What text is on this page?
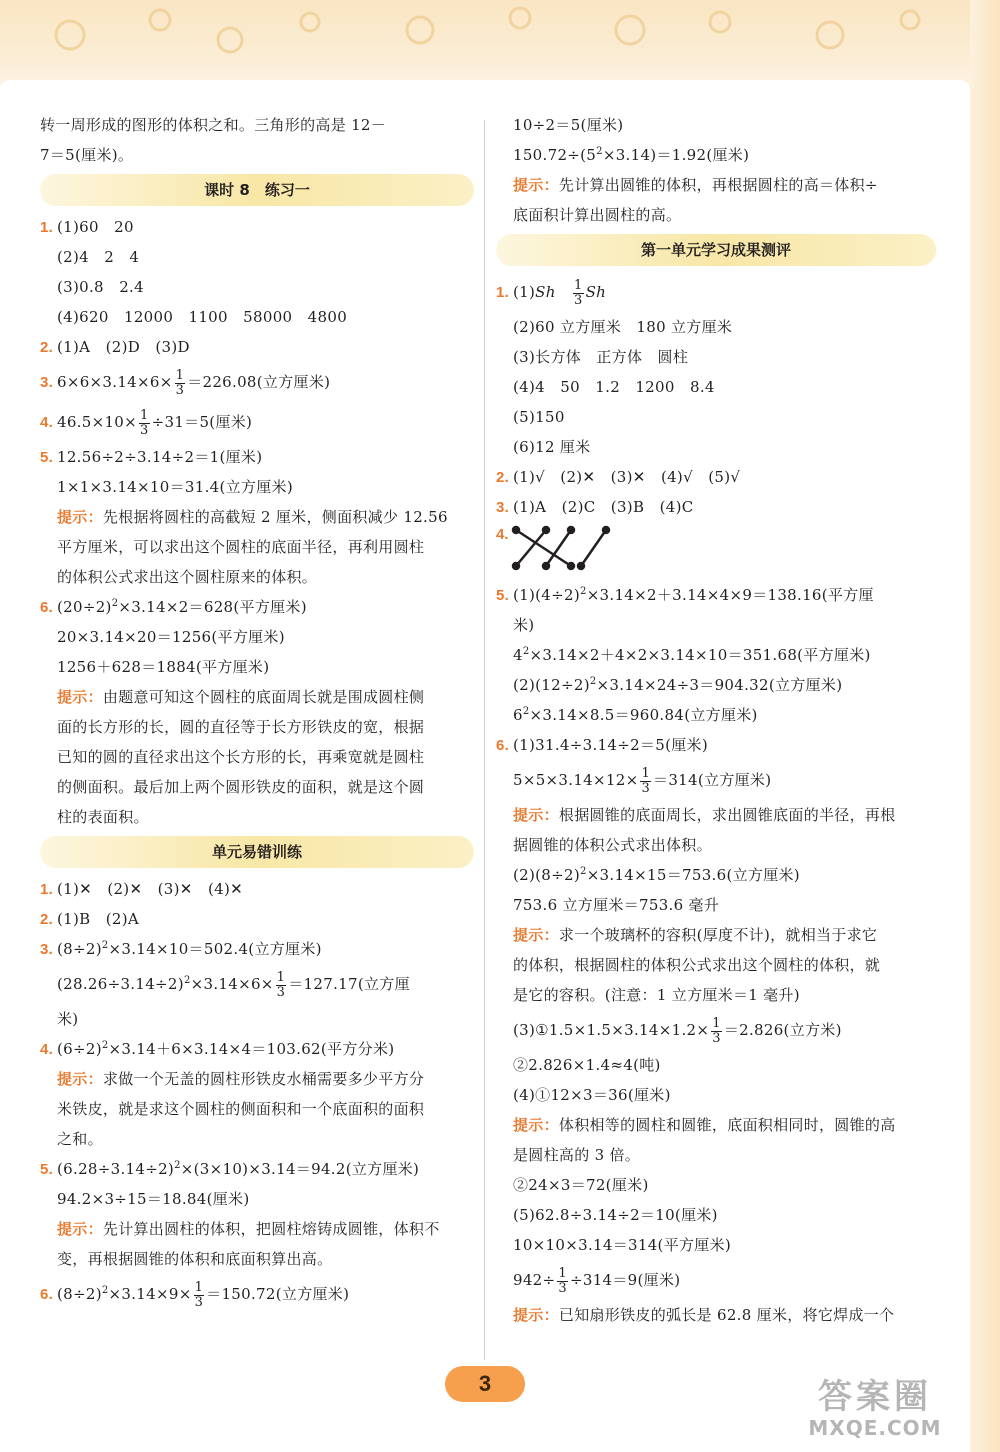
转一周形成的图形的体积之和。三角形的高是 12－
7＝5(厘米)。
课时 8　练习一
1. (1)60　20
(2)4　2　4
(3)0.8　2.4
(4)620　12000　1100　58000　4800
2. (1)A　(2)D　(3)D
3. $6\times 6\times 3.14\times 6\times \frac{1}{3} =226.08$(立方厘米)
4. $46.5\times 10\times \frac{1}{3} \div 31=5$(厘米)
5. 12.56÷2÷3.14÷2＝1(厘米)
1×1×3.14×10＝31.4(立方厘米)
提示：先根据将圆柱的高截短 2 厘米，侧面积减少 12.56
平方厘米，可以求出这个圆柱的底面半径，再利用圆柱
的体积公式求出这个圆柱原来的体积。
6. $(20\div 2)^2\times 3.14\times 2=628$(平方厘米)
20×3.14×20＝1256(平方厘米)
1256＋628＝1884(平方厘米)
提示：由题意可知这个圆柱的底面周长就是围成圆柱侧
面的长方形的长，圆的直径等于长方形铁皮的宽，根据
已知的圆的直径求出这个长方形的长，再乘宽就是圆柱
的侧面积。最后加上两个圆形铁皮的面积，就是这个圆
柱的表面积。
单元易错训练
1. (1)✕　(2)✕　(3)✕　(4)✕
2. (1)B　(2)A
3. $(8\div 2)^2\times 3.14\times 10=502.4$(立方厘米)
$(28.26\div 3.14\div 2)^2\times 3.14\times 6\times \frac{1}{3} =127.17$(立方厘
米)
4. $(6\div 2)^2\times 3.14+6\times 3.14\times 4=103.62$(平方分米)
提示：求做一个无盖的圆柱形铁皮水桶需要多少平方分
米铁皮，就是求这个圆柱的侧面积和一个底面积的面积
之和。
5. $(6.28\div 3.14\div 2)^2\times(3\times 10)\times 3.14=94.2$(立方厘米)
94.2×3÷15＝18.84(厘米)
提示：先计算出圆柱的体积，把圆柱熔铸成圆锥，体积不
变，再根据圆锥的体积和底面积算出高。
6. $(8\div 2)^2\times 3.14\times 9\times \frac{1}{3} =150.72$(立方厘米)
10÷2＝5(厘米)
$150.72\div(5^2\times 3.14)=1.92$(厘米)
提示：先计算出圆锥的体积，再根据圆柱的高＝体积÷
底面积计算出圆柱的高。
第一单元学习成果测评
1. (1)Sh　 $\frac{1}{3}$ Sh
(2)60 立方厘米　180 立方厘米
(3)长方体　正方体　圆柱
(4)4　50　1.2　1200　8.4
(5)150
(6)12 厘米
2. (1)√　(2)✕　(3)✕　(4)√　(5)√
3. (1)A　(2)C　(3)B　(4)C
4.
5. $(1)(4\div 2)^2\times 3.14\times 2+3.14\times 4\times 9=138.16$(平方厘
米)
$4^2\times 3.14\times 2+4\times 2\times 3.14\times 10=351.68$(平方厘米)
$(2)(12\div 2)^2\times 3.14\times 24\div 3=904.32$(立方厘米)
$6^2\times 3.14\times 8.5=960.84$(立方厘米)
6. (1)31.4÷3.14÷2＝5(厘米)
$5\times 5\times 3.14\times 12\times \frac{1}{3} =314$(立方厘米)
提示：根据圆锥的底面周长，求出圆锥底面的半径，再根
据圆锥的体积公式求出体积。
$(2)(8\div 2)^2\times 3.14\times 15=753.6$(立方厘米)
753.6 立方厘米＝753.6 毫升
提示：求一个玻璃杯的容积(厚度不计)，就相当于求它
的体积，根据圆柱的体积公式求出这个圆柱的体积，就
是它的容积。(注意：1 立方厘米＝1 毫升)
(3)①1.5×1.5×3.14×1.2× $\frac{1}{3} =2.826$(立方米)
②2.826×1.4≈4(吨)
(4)①12×3＝36(厘米)
提示：体积相等的圆柱和圆锥，底面积相同时，圆锥的高
是圆柱高的 3 倍。
②24×3＝72(厘米)
(5)62.8÷3.14÷2＝10(厘米)
10×10×3.14＝314(平方厘米)
$942\div \frac{1}{3} \div 314=9$(厘米)
提示：已知扇形铁皮的弧长是 62.8 厘米，将它焊成一个
3	答案圈
MXQE.COM
